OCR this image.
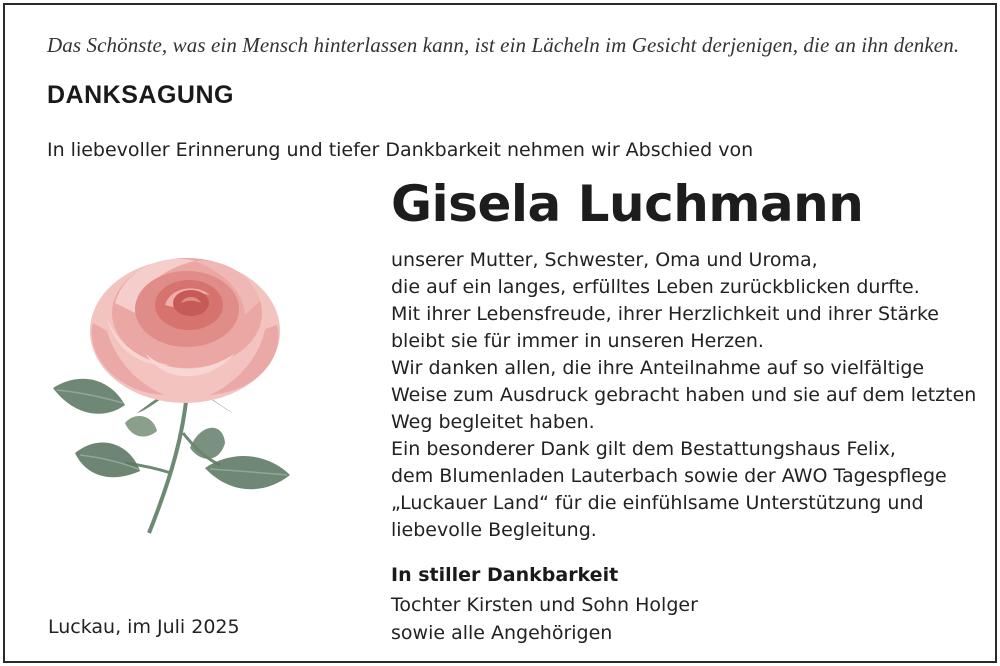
Das Schönste, was ein Mensch hinterlassen kann, ist ein Lächeln im Gesicht derjenigen, die an ihn denken.
DANKSAGUNG
In liebevoller Erinnerung und tiefer Dankbarkeit nehmen wir Abschied von
Gisela Luchmann
unserer Mutter, Schwester, Oma und Uroma,
die auf ein langes, erfülltes Leben zurückblicken durfte.
Mit ihrer Lebensfreude, ihrer Herzlichkeit und ihrer Stärke
bleibt sie für immer in unseren Herzen.
Wir danken allen, die ihre Anteilnahme auf so vielfältige
Weise zum Ausdruck gebracht haben und sie auf dem letzten
Weg begleitet haben.
Ein besonderer Dank gilt dem Bestattungshaus Felix,
dem Blumenladen Lauterbach sowie der AWO Tagespflege
„Luckauer Land“ für die einfühlsame Unterstützung und
liebevolle Begleitung.
In stiller Dankbarkeit
Tochter Kirsten und Sohn Holger
sowie alle Angehörigen
Luckau, im Juli 2025
